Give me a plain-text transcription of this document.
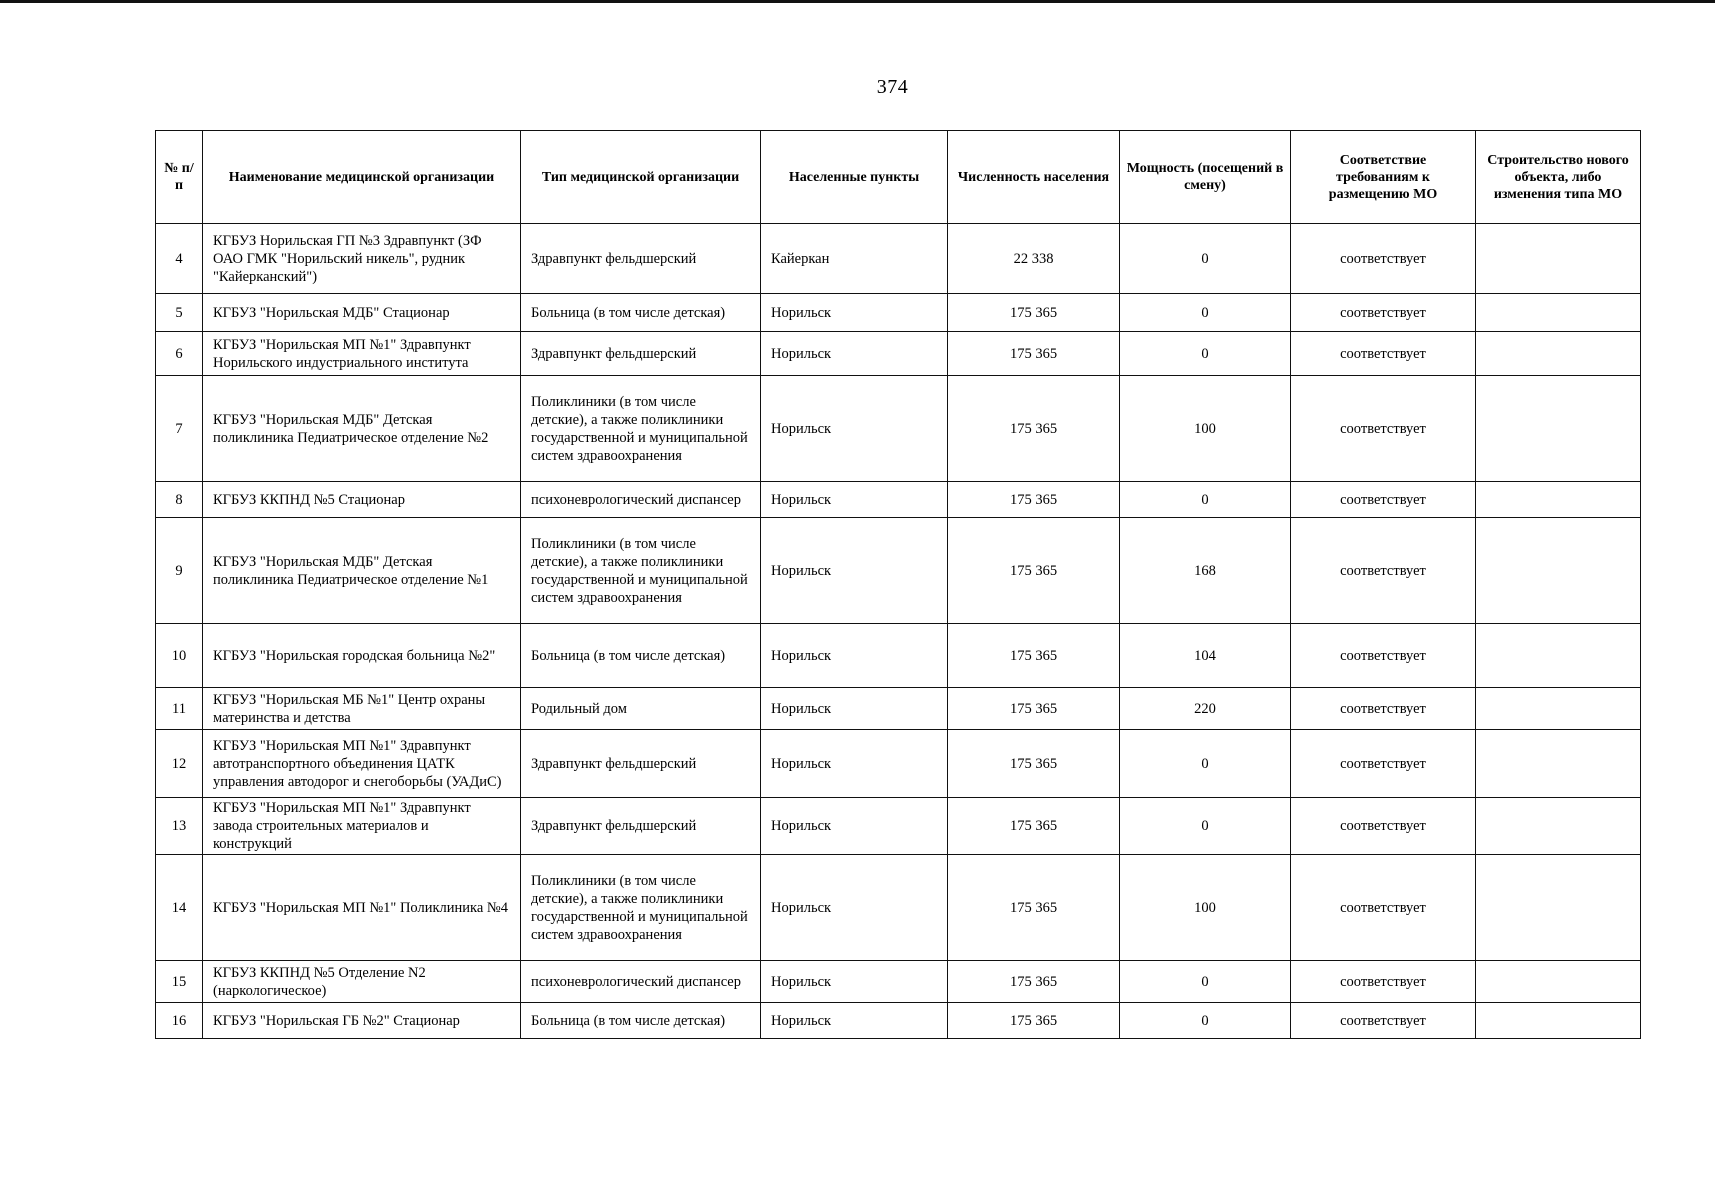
374
№ п/п	Наименование медицинской организации	Тип медицинской организации	Населенные пункты	Численность населения	Мощность (посещений в смену)	Соответствие требованиям к размещению МО	Строительство нового объекта, либо изменения типа МО
4	КГБУЗ Норильская ГП №3 Здравпункт (ЗФ ОАО ГМК "Норильский никель", рудник "Кайерканский")	Здравпункт фельдшерский	Кайеркан	22 338	0	соответствует	
5	КГБУЗ "Норильская МДБ" Стационар	Больница (в том числе детская)	Норильск	175 365	0	соответствует	
6	КГБУЗ "Норильская МП №1" Здравпункт Норильского индустриального института	Здравпункт фельдшерский	Норильск	175 365	0	соответствует	
7	КГБУЗ "Норильская МДБ" Детская поликлиника Педиатрическое отделение №2	Поликлиники (в том числе детские), а также поликлиники государственной и муниципальной систем здравоохранения	Норильск	175 365	100	соответствует	
8	КГБУЗ ККПНД №5 Стационар	психоневрологический диспансер	Норильск	175 365	0	соответствует	
9	КГБУЗ "Норильская МДБ" Детская поликлиника Педиатрическое отделение №1	Поликлиники (в том числе детские), а также поликлиники государственной и муниципальной систем здравоохранения	Норильск	175 365	168	соответствует	
10	КГБУЗ "Норильская городская больница №2"	Больница (в том числе детская)	Норильск	175 365	104	соответствует	
11	КГБУЗ "Норильская МБ №1" Центр охраны материнства и детства	Родильный дом	Норильск	175 365	220	соответствует	
12	КГБУЗ "Норильская МП №1" Здравпункт автотранспортного объединения ЦАТК управления автодорог и снегоборьбы (УАДиС)	Здравпункт фельдшерский	Норильск	175 365	0	соответствует	
13	КГБУЗ "Норильская МП №1" Здравпункт завода строительных материалов и конструкций	Здравпункт фельдшерский	Норильск	175 365	0	соответствует	
14	КГБУЗ "Норильская МП №1" Поликлиника №4	Поликлиники (в том числе детские), а также поликлиники государственной и муниципальной систем здравоохранения	Норильск	175 365	100	соответствует	
15	КГБУЗ ККПНД №5 Отделение N2 (наркологическое)	психоневрологический диспансер	Норильск	175 365	0	соответствует	
16	КГБУЗ "Норильская ГБ №2" Стационар	Больница (в том числе детская)	Норильск	175 365	0	соответствует	
